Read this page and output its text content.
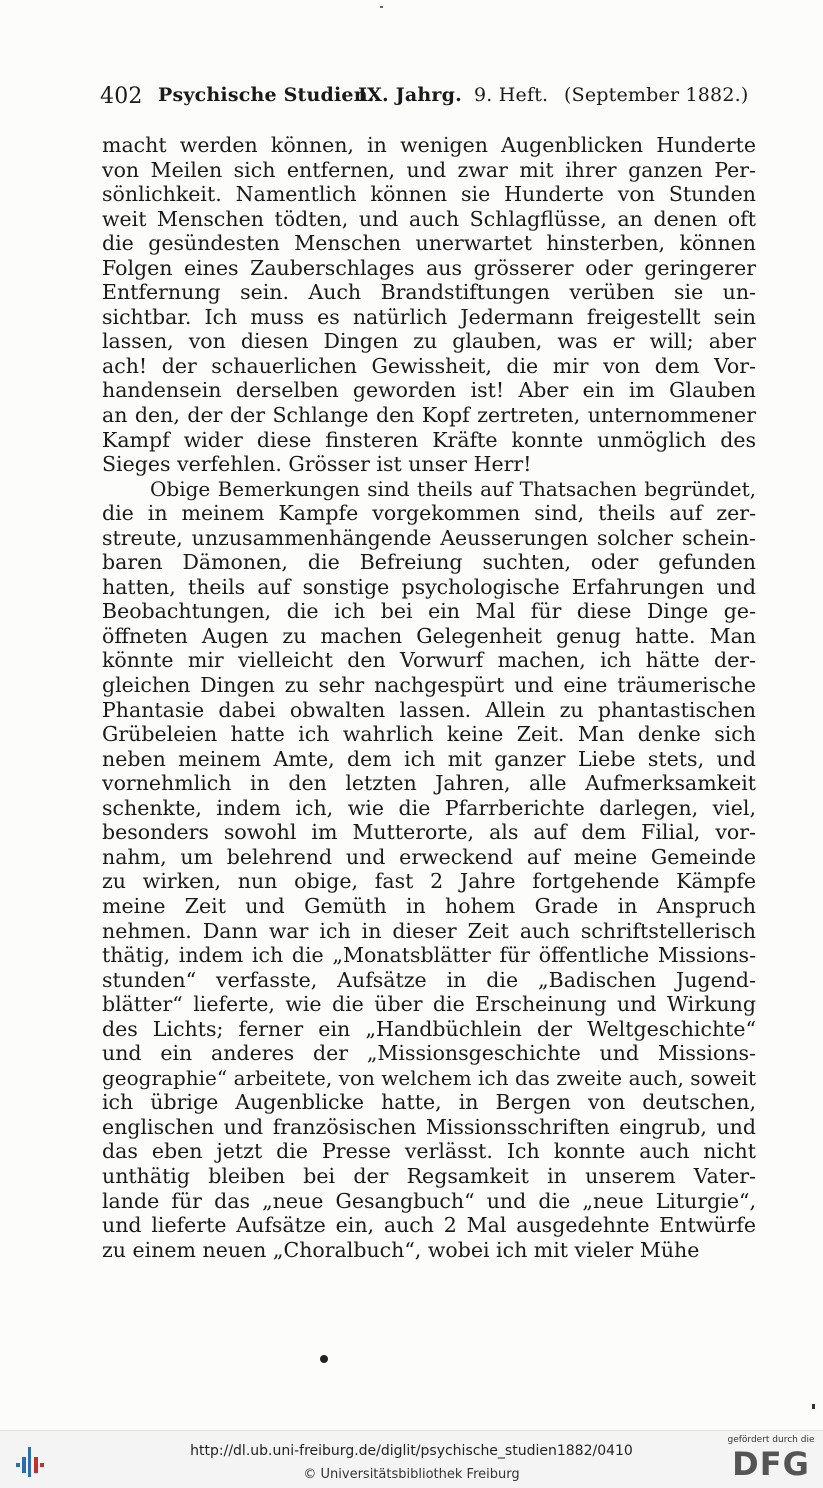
402 Psychische Studien.
IX. Jahrg. 9. Heft. (September 1882.)
macht werden können, in wenigen Augenblicken Hunderte
von Meilen sich entfernen, und zwar mit ihrer ganzen Per-
sönlichkeit. Namentlich können sie Hunderte von Stunden
weit Menschen tödten, und auch Schlagflüsse, an denen oft
die gesündesten Menschen unerwartet hinsterben, können
Folgen eines Zauberschlages aus grösserer oder geringerer
Entfernung sein. Auch Brandstiftungen verüben sie un-
sichtbar. Ich muss es natürlich Jedermann freigestellt sein
lassen, von diesen Dingen zu glauben, was er will; aber
ach! der schauerlichen Gewissheit, die mir von dem Vor-
handensein derselben geworden ist! Aber ein im Glauben
an den, der der Schlange den Kopf zertreten, unternommener
Kampf wider diese finsteren Kräfte konnte unmöglich des
Sieges verfehlen. Grösser ist unser Herr!
Obige Bemerkungen sind theils auf Thatsachen begründet,
die in meinem Kampfe vorgekommen sind, theils auf zer-
streute, unzusammenhängende Aeusserungen solcher schein-
baren Dämonen, die Befreiung suchten, oder gefunden
hatten, theils auf sonstige psychologische Erfahrungen und
Beobachtungen, die ich bei ein Mal für diese Dinge ge-
öffneten Augen zu machen Gelegenheit genug hatte. Man
könnte mir vielleicht den Vorwurf machen, ich hätte der-
gleichen Dingen zu sehr nachgespürt und eine träumerische
Phantasie dabei obwalten lassen. Allein zu phantastischen
Grübeleien hatte ich wahrlich keine Zeit. Man denke sich
neben meinem Amte, dem ich mit ganzer Liebe stets, und
vornehmlich in den letzten Jahren, alle Aufmerksamkeit
schenkte, indem ich, wie die Pfarrberichte darlegen, viel,
besonders sowohl im Mutterorte, als auf dem Filial, vor-
nahm, um belehrend und erweckend auf meine Gemeinde
zu wirken, nun obige, fast 2 Jahre fortgehende Kämpfe
meine Zeit und Gemüth in hohem Grade in Anspruch
nehmen. Dann war ich in dieser Zeit auch schriftstellerisch
thätig, indem ich die „Monatsblätter für öffentliche Missions-
stunden“ verfasste, Aufsätze in die „Badischen Jugend-
blätter“ lieferte, wie die über die Erscheinung und Wirkung
des Lichts; ferner ein „Handbüchlein der Weltgeschichte“
und ein anderes der „Missionsgeschichte und Missions-
geographie“ arbeitete, von welchem ich das zweite auch, soweit
ich übrige Augenblicke hatte, in Bergen von deutschen,
englischen und französischen Missionsschriften eingrub, und
das eben jetzt die Presse verlässt. Ich konnte auch nicht
unthätig bleiben bei der Regsamkeit in unserem Vater-
lande für das „neue Gesangbuch“ und die „neue Liturgie“,
und lieferte Aufsätze ein, auch 2 Mal ausgedehnte Entwürfe
zu einem neuen „Choralbuch“, wobei ich mit vieler Mühe
http://dl.ub.uni-freiburg.de/diglit/psychische_studien1882/0410
© Universitätsbibliothek Freiburg
gefördert durch die
DFG
